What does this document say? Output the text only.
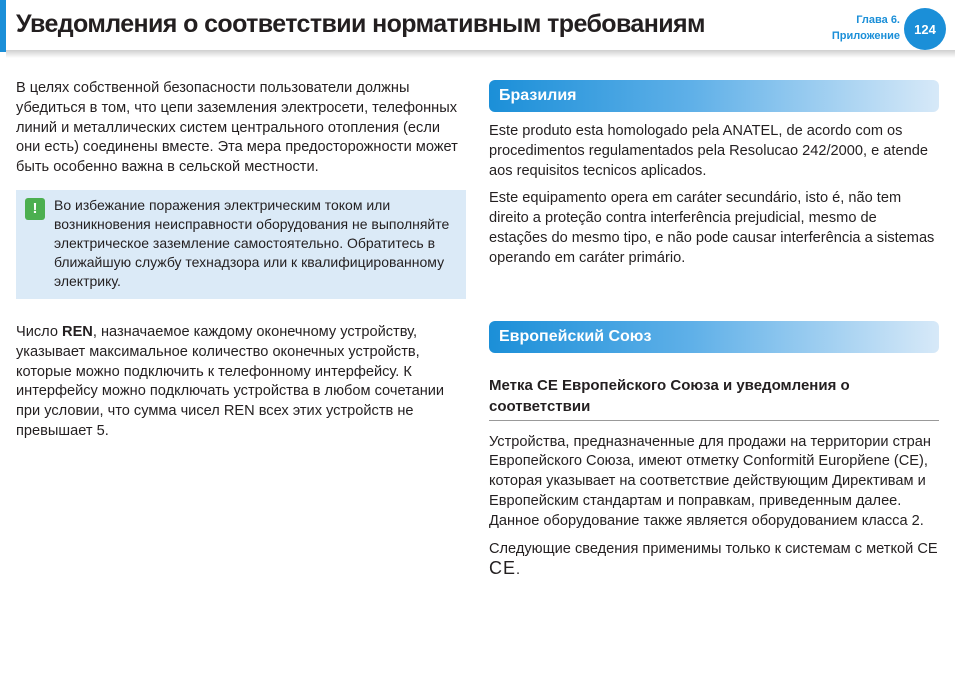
Уведомления о соответствии нормативным требованиям	Глава 6.
Приложение	124

В целях собственной безопасности пользователи должны убедиться в том, что цепи заземления электросети, телефонных линий и металлических систем центрального отопления (если они есть) соединены вместе. Эта мера предосторожности может быть особенно важна в сельской местности.

!	Во избежание поражения электрическим током или возникновения неисправности оборудования не выполняйте электрическое заземление самостоятельно. Обратитесь в ближайшую службу технадзора или к квалифицированному электрику.

Число REN, назначаемое каждому оконечному устройству, указывает максимальное количество оконечных устройств, которые можно подключить к телефонному интерфейсу. К интерфейсу можно подключать устройства в любом сочетании при условии, что сумма чисел REN всех этих устройств не превышает 5.

Бразилия

Este produto esta homologado pela ANATEL, de acordo com os procedimentos regulamentados pela Resolucao 242/2000, e atende aos requisitos tecnicos aplicados.

Este equipamento opera em caráter secundário, isto é, não tem direito a proteção contra interferência prejudicial, mesmo de estações do mesmo tipo, e não pode causar interferência a sistemas operando em caráter primário.

Европейский Союз
Метка CE Европейского Союза и уведомления о соответствии

Устройства, предназначенные для продажи на территории стран Европейского Союза, имеют отметку Conformitй Europйene (CE), которая указывает на соответствие действующим Директивам и Европейским стандартам и поправкам, приведенным далее. Данное оборудование также является оборудованием класса 2.

Следующие сведения применимы только к системам с меткой CE CE.
